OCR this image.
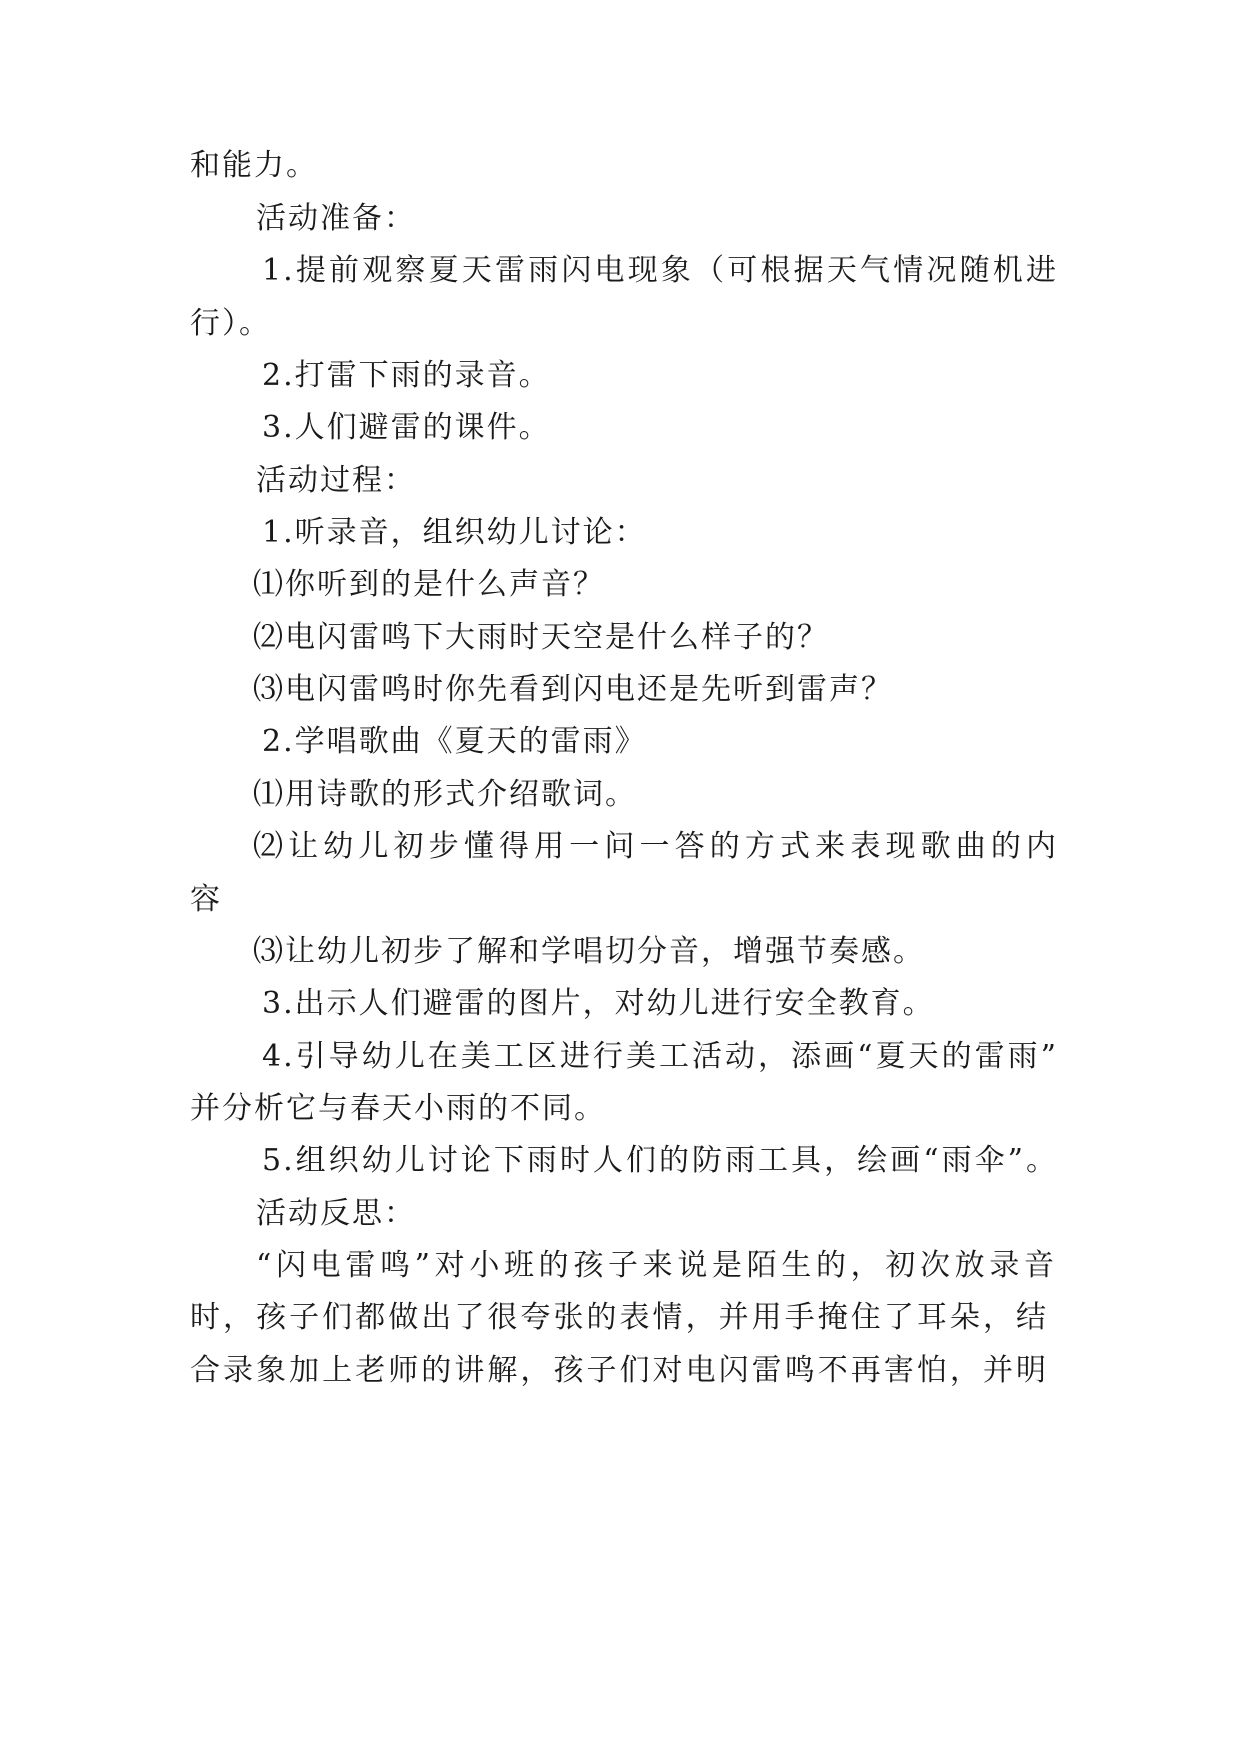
和能力。
活动准备：
1.提前观察夏天雷雨闪电现象（可根据天气情况随机进
行）。
2.打雷下雨的录音。
3.人们避雷的课件。
活动过程：
1.听录音，组织幼儿讨论：
⑴你听到的是什么声音？
⑵电闪雷鸣下大雨时天空是什么样子的？
⑶电闪雷鸣时你先看到闪电还是先听到雷声？
2.学唱歌曲《夏天的雷雨》
⑴用诗歌的形式介绍歌词。
⑵让幼儿初步懂得用一问一答的方式来表现歌曲的内
容
⑶让幼儿初步了解和学唱切分音，增强节奏感。
3.出示人们避雷的图片，对幼儿进行安全教育。
4.引导幼儿在美工区进行美工活动，添画“夏天的雷雨”
并分析它与春天小雨的不同。
5.组织幼儿讨论下雨时人们的防雨工具，绘画“雨伞”。
活动反思：
“闪电雷鸣”对小班的孩子来说是陌生的，初次放录音
时，孩子们都做出了很夸张的表情，并用手掩住了耳朵，结
合录象加上老师的讲解，孩子们对电闪雷鸣不再害怕，并明
